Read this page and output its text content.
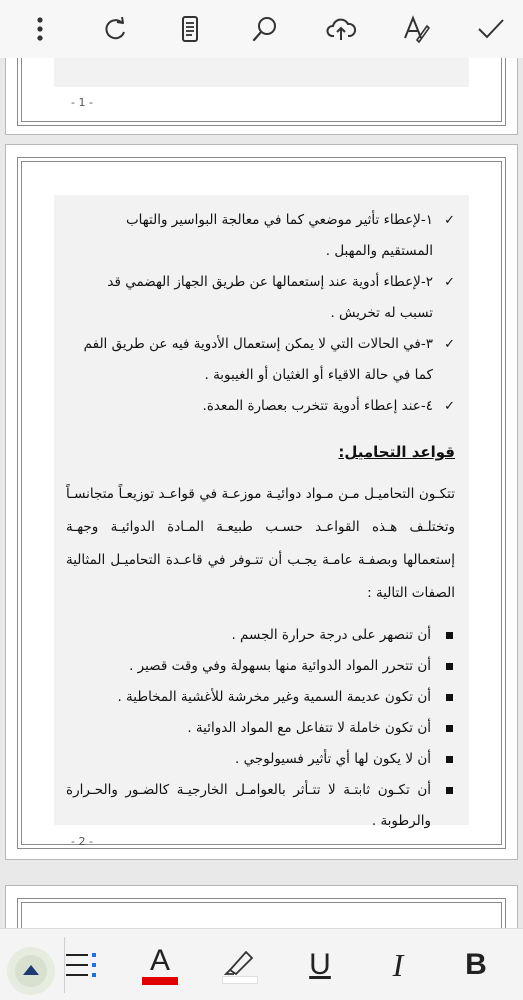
- 1 -
✓
١-لإعطاء تأثير موضعي كما في معالجة البواسير والتهاب
المستقيم والمهبل .
✓
٢-لإعطاء أدوية عند إستعمالها عن طريق الجهاز الهضمي قد
تسبب له تخريش .
✓
٣-في الحالات التي لا يمكن إستعمال الأدوية فيه عن طريق الفم
كما في حالة الاقياء أو الغثيان أو الغيبوبة .
✓
٤-عند إعطاء أدوية تتخرب بعصارة المعدة.
قواعد التحاميل:
تتكـون التحاميـل مـن مـواد دوائيـة موزعـة في قواعـد توزيعـاً متجانسـاً وتختلـف هـذه القواعـد حسـب طبيعـة المـادة الدوائيـة وجهـة إستعمالها وبصفـة عامـة يجـب أن تتـوفر في قاعـدة التحاميـل المثالية الصفات التالية :
أن تنصهر على درجة حرارة الجسم .
أن تتحرر المواد الدوائية منها بسهولة وفي وقت قصير .
أن تكون عديمة السمية وغير مخرشة للأغشية المخاطية .
أن تكون خاملة لا تتفاعل مع المواد الدوائية .
أن لا يكون لها أي تأثير فسيولوجي .
أن تكـون ثابتـة لا تتـأثر بالعوامـل الخارجيـة كالضـور والحـرارة والرطوبة .
- 2 -
A	U I B
